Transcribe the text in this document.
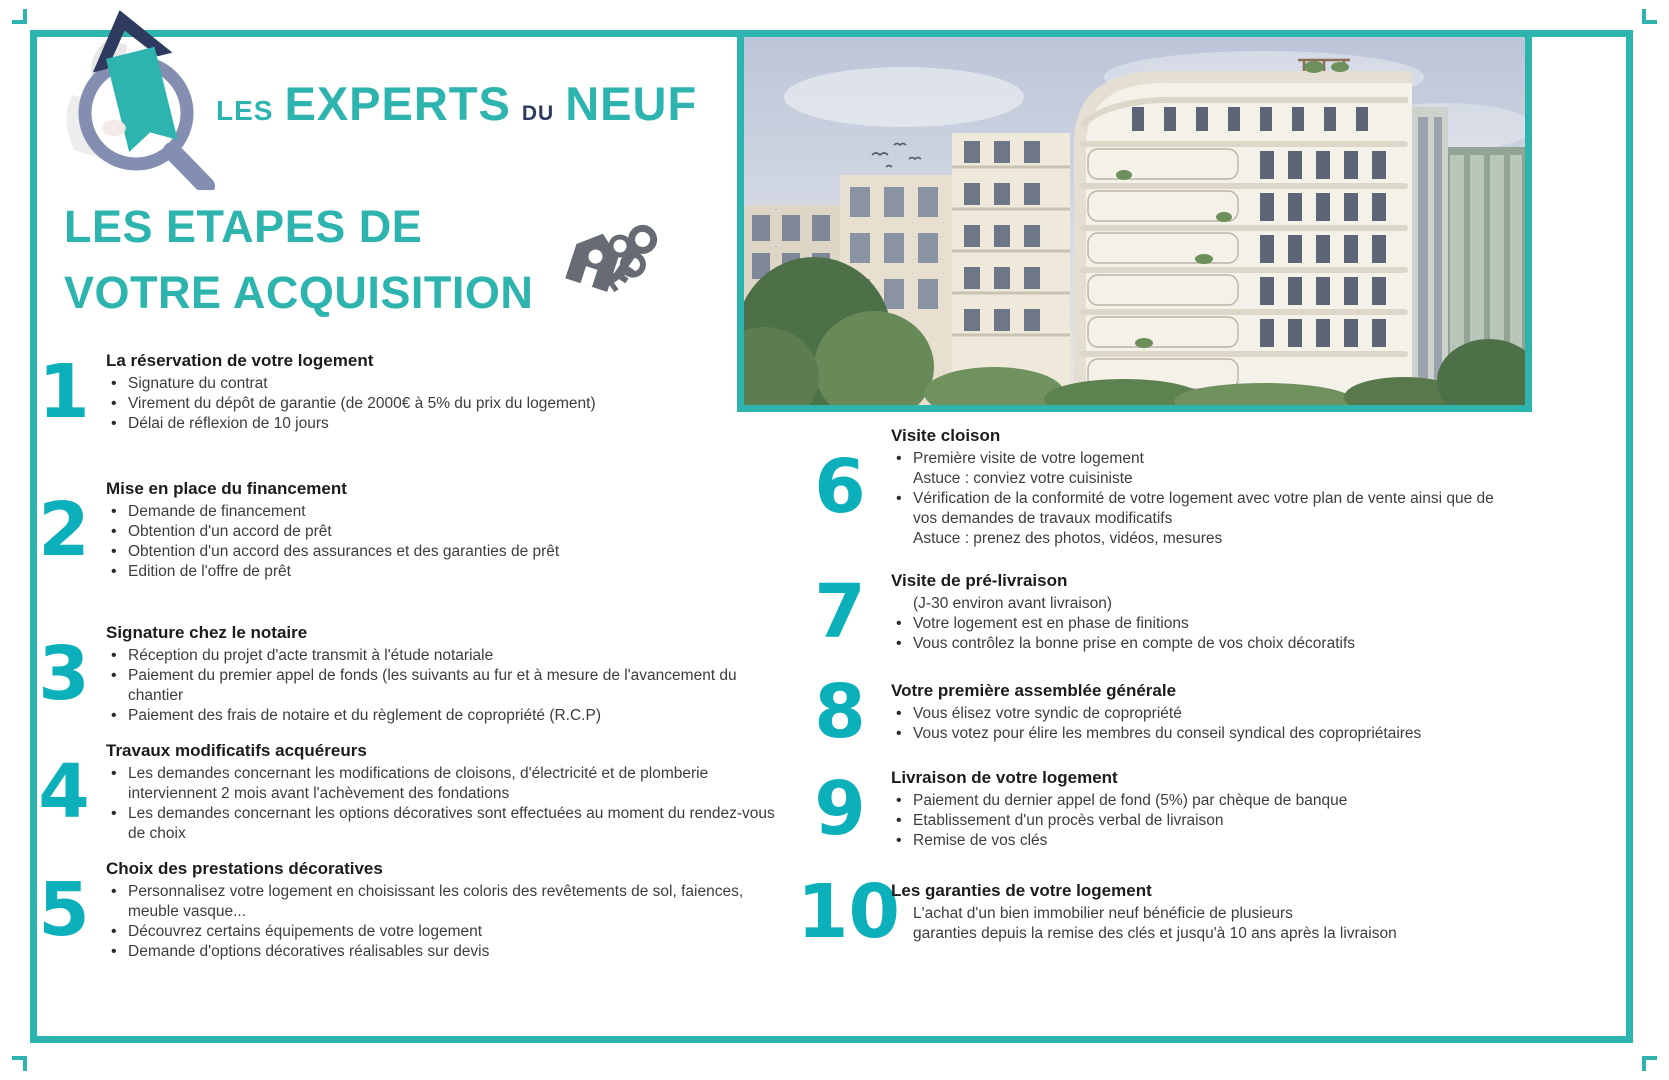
LES EXPERTS DU NEUF
LES ETAPES DE
VOTRE ACQUISITION
1 La réservation de votre logement
• Signature du contrat
• Virement du dépôt de garantie (de 2000€ à 5% du prix du logement)
• Délai de réflexion de 10 jours
2 Mise en place du financement
• Demande de financement
• Obtention d'un accord de prêt
• Obtention d'un accord des assurances et des garanties de prêt
• Edition de l'offre de prêt
3 Signature chez le notaire
• Réception du projet d'acte transmit à l'étude notariale
• Paiement du premier appel de fonds (les suivants au fur et à mesure de l'avancement du chantier
• Paiement des frais de notaire et du règlement de copropriété (R.C.P)
4 Travaux modificatifs acquéreurs
• Les demandes concernant les modifications de cloisons, d'électricité et de plomberie interviennent 2 mois avant l'achèvement des fondations
• Les demandes concernant les options décoratives sont effectuées au moment du rendez-vous de choix
5 Choix des prestations décoratives
• Personnalisez votre logement en choisissant les coloris des revêtements de sol, faiences, meuble vasque...
• Découvrez certains équipements de votre logement
• Demande d'options décoratives réalisables sur devis
6
Visite cloison
• Première visite de votre logement
Astuce : conviez votre cuisiniste
• Vérification de la conformité de votre logement avec votre plan de vente ainsi que de vos demandes de travaux modificatifs
Astuce : prenez des photos, vidéos, mesures
7	Visite de pré-livraison
(J-30 environ avant livraison)
• Votre logement est en phase de finitions
• Vous contrôlez la bonne prise en compte de vos choix décoratifs
8	Votre première assemblée générale
• Vous élisez votre syndic de copropriété
• Vous votez pour élire les membres du conseil syndical des copropriétaires
9	Livraison de votre logement
• Paiement du dernier appel de fond (5%) par chèque de banque
• Etablissement d'un procès verbal de livraison
• Remise de vos clés
10
Les garanties de votre logement
L'achat d'un bien immobilier neuf bénéficie de plusieurs
garanties depuis la remise des clés et jusqu'à 10 ans après la livraison
